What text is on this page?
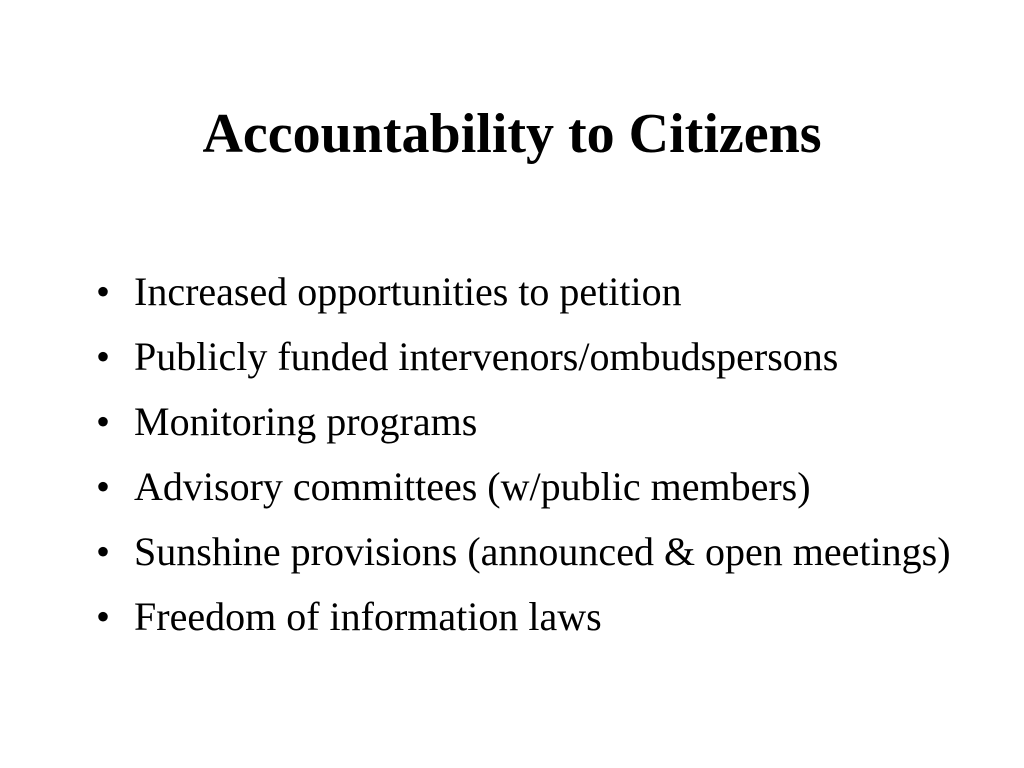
Accountability to Citizens
• Increased opportunities to petition
• Publicly funded intervenors/ombudspersons
• Monitoring programs
• Advisory committees (w/public members)
• Sunshine provisions (announced & open meetings)
• Freedom of information laws
